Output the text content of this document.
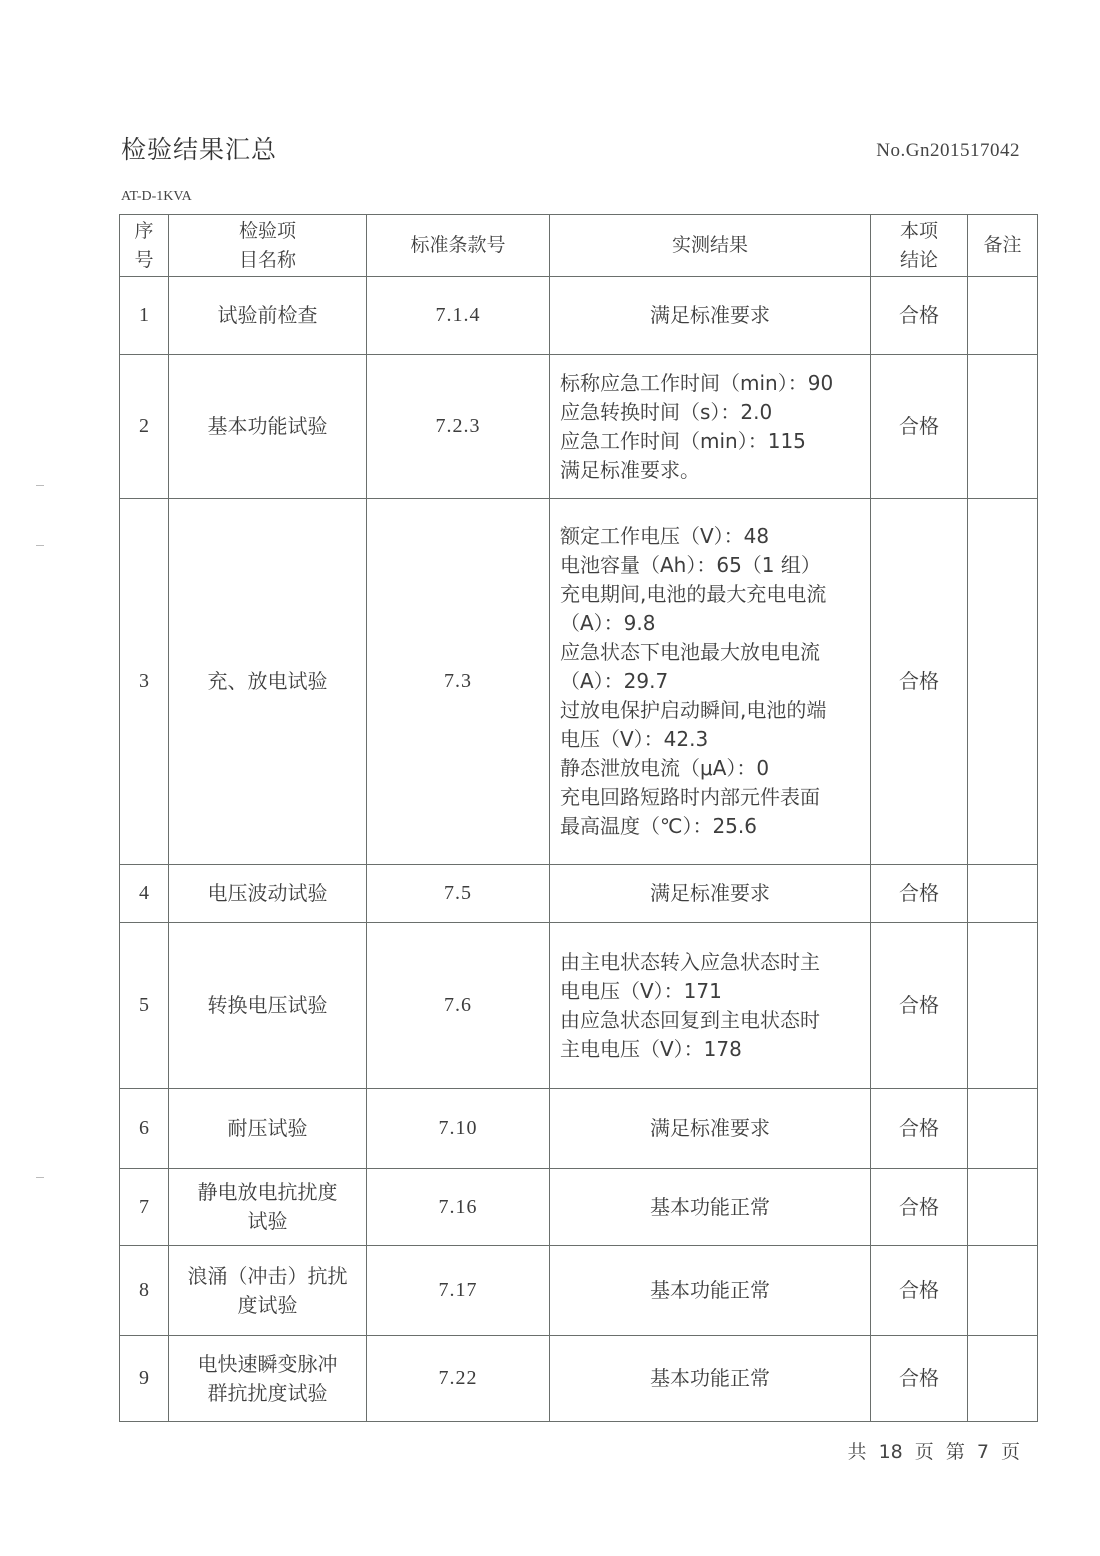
检验结果汇总	No.Gn201517042
AT-D-1KVA
序
号	检验项
目名称	标准条款号	实测结果	本项
结论	备注
1	试验前检查	7.1.4	满足标准要求	合格	
2	基本功能试验	7.2.3	标称应急工作时间（min）：90
应急转换时间（s）：2.0
应急工作时间（min）：115
满足标准要求。	合格	
3	充、放电试验	7.3	
额定工作电压（V）：48
电池容量（Ah）：65（1 组）
充电期间,电池的最大充电电流
（A）：9.8
应急状态下电池最大放电电流
（A）：29.7
过放电保护启动瞬间,电池的端
电压（V）：42.3
静态泄放电流（μA）：0
充电回路短路时内部元件表面
最高温度（℃）：25.6
	合格	
4	电压波动试验	7.5	满足标准要求	合格	
5	转换电压试验	7.6	由主电状态转入应急状态时主
电电压（V）：171
由应急状态回复到主电状态时
主电电压（V）：178	合格	
6	耐压试验	7.10	满足标准要求	合格	
7	静电放电抗扰度
试验	7.16	基本功能正常	合格	
8	浪涌（冲击）抗扰
度试验	7.17	基本功能正常	合格	
9	电快速瞬变脉冲
群抗扰度试验	7.22	基本功能正常	合格	
共 18 页 第 7 页
